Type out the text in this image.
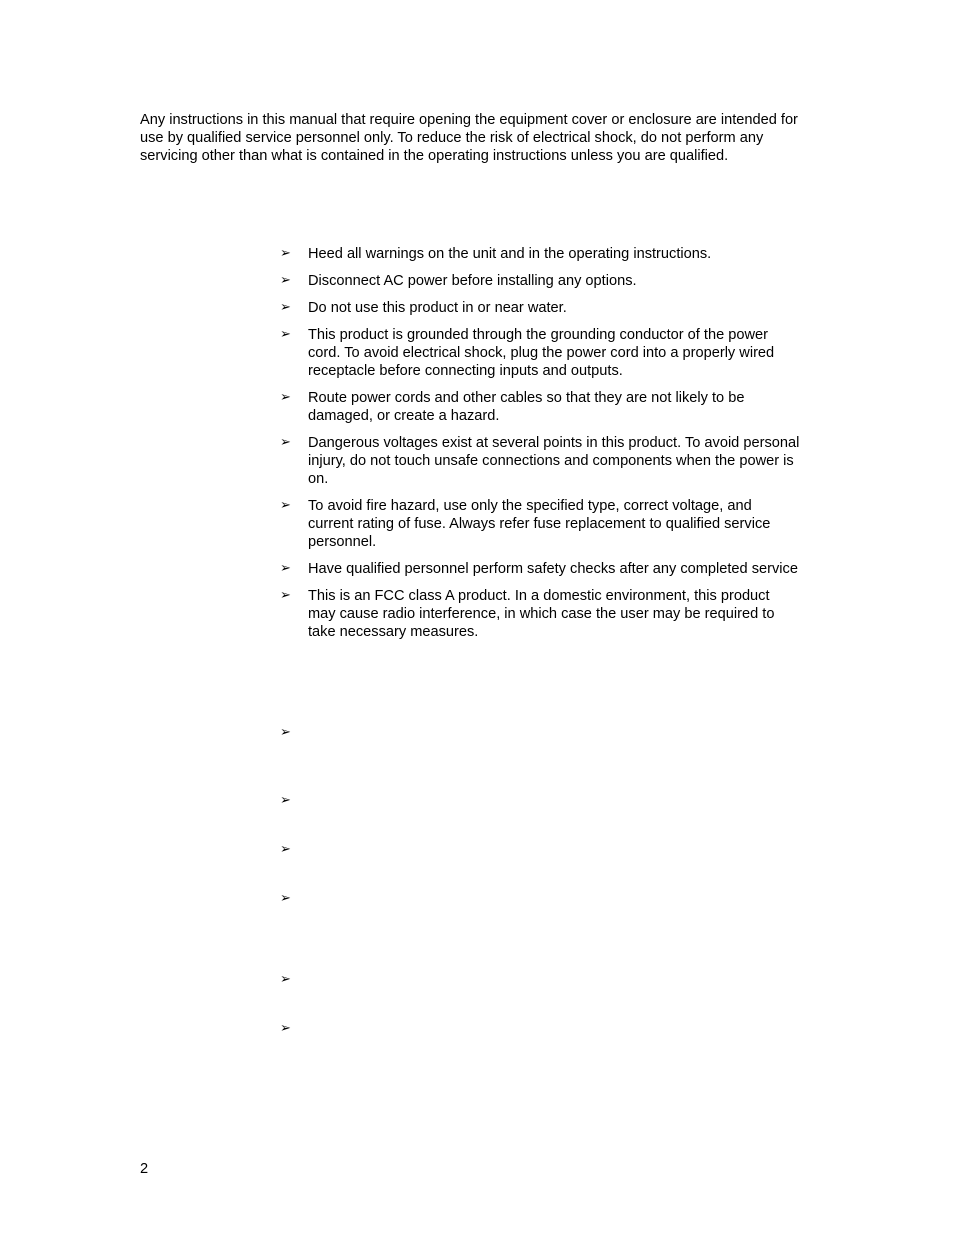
Any instructions in this manual that require opening the equipment cover or enclosure are intended for use by qualified service personnel only. To reduce the risk of electrical shock, do not perform any servicing other than what is contained in the operating instructions unless you are qualified.

➢ Heed all warnings on the unit and in the operating instructions.
➢ Disconnect AC power before installing any options.
➢ Do not use this product in or near water.
➢ This product is grounded through the grounding conductor of the power cord. To avoid electrical shock, plug the power cord into a properly wired receptacle before connecting inputs and outputs.
➢ Route power cords and other cables so that they are not likely to be damaged, or create a hazard.
➢ Dangerous voltages exist at several points in this product. To avoid personal injury, do not touch unsafe connections and components when the power is on.
➢ To avoid fire hazard, use only the specified type, correct voltage, and current rating of fuse. Always refer fuse replacement to qualified service personnel.
➢ Have qualified personnel perform safety checks after any completed service
➢ This is an FCC class A product. In a domestic environment, this product may cause radio interference, in which case the user may be required to take necessary measures.
➢
➢
➢
➢
➢
➢
2
